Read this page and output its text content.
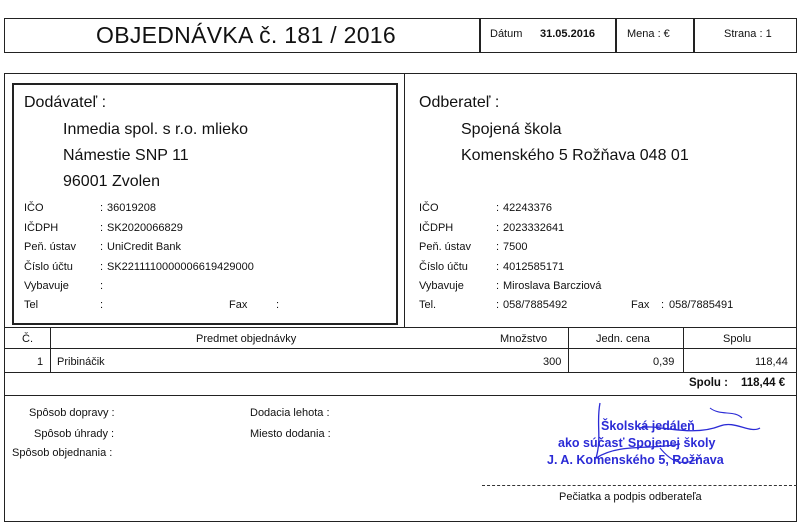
OBJEDNÁVKA č. 181 / 2016	Dátum 31.05.2016	Mena : €	Strana : 1
Dodávateľ :
Inmedia spol. s r.o. mlieko
Námestie SNP 11
96001 Zvolen
IČO	: 36019208
IČDPH	: SK2020066829
Peň. ústav : UniCredit Bank
Číslo účtu : SK2211110000006619429000
Vybavuje	:
Tel	:	Fax	:
Odberateľ :
Spojená škola
Komenského 5 Rožňava 048 01
IČO	: 42243376
IČDPH	: 2023332641
Peň. ústav : 7500
Číslo účtu	: 4012585171
Vybavuje	: Miroslava Barcziová
Tel.	: 058/7885492	Fax : 058/7885491
Č.	Predmet objednávky	Množstvo	Jedn. cena	Spolu
1 Pribináčik	300	0,39	118,44
Spolu : 118,44 €
Spôsob dopravy :
Spôsob úhrady :
Spôsob objednania :
Dodacia lehota :
Miesto dodania :
Školská jedáleň
ako súčasť Spojenej školy
J. A. Komenského 5, Rožňava
Pečiatka a podpis odberateľa
